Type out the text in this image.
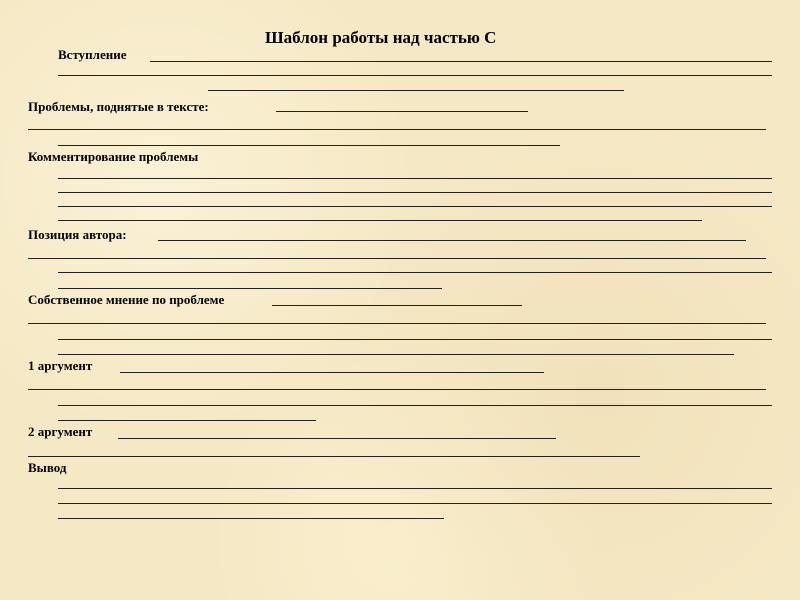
Шаблон работы над частью С
Вступление
Проблемы, поднятые в тексте:
Комментирование проблемы
Позиция автора:
Собственное мнение по проблеме
1 аргумент
2 аргумент
Вывод
